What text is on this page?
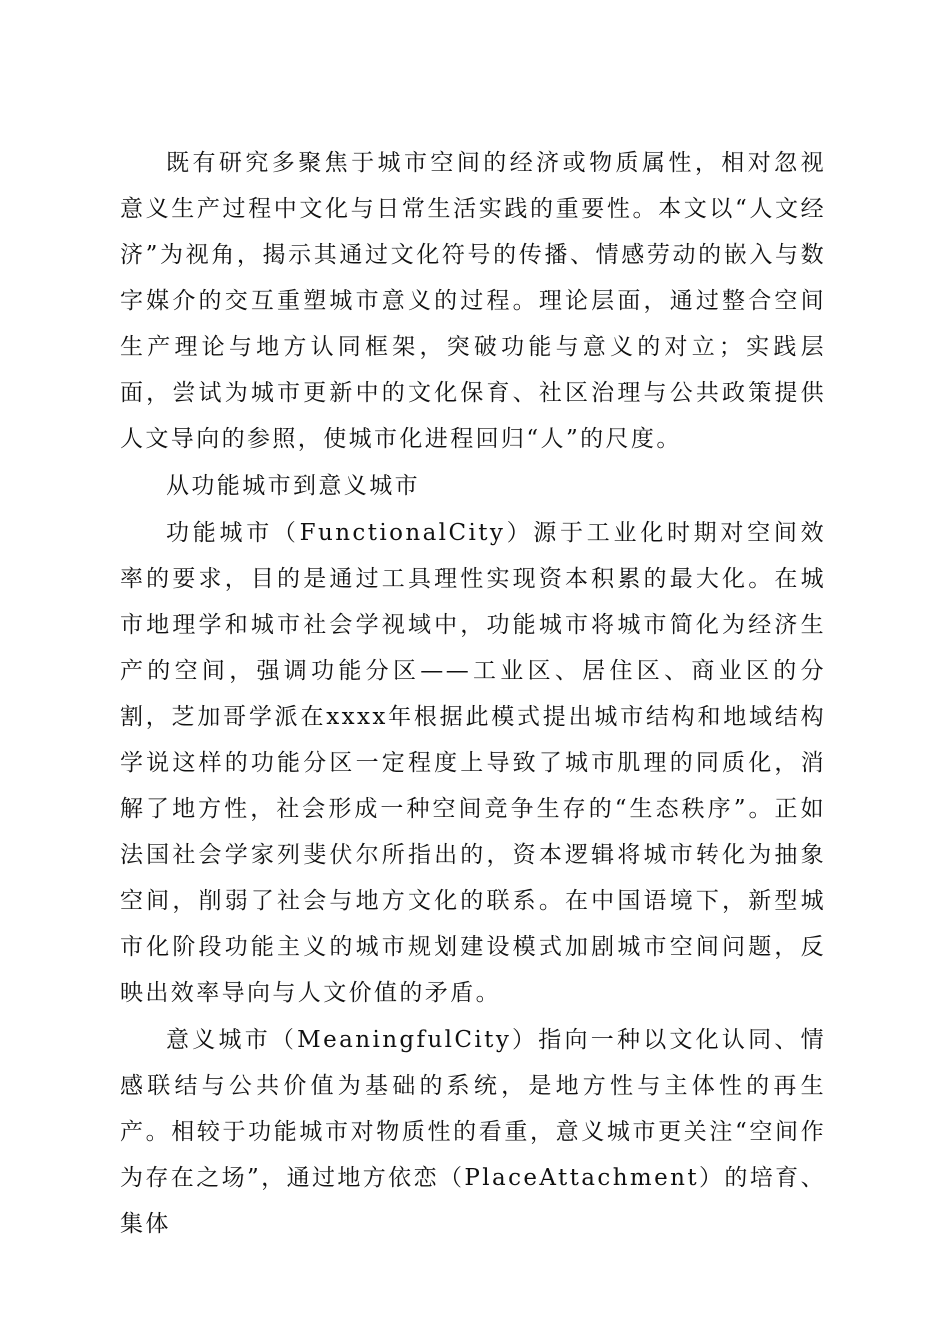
既有研究多聚焦于城市空间的经济或物质属性，相对忽视意义生产过程中文化与日常生活实践的重要性。本文以“人文经济”为视角，揭示其通过文化符号的传播、情感劳动的嵌入与数字媒介的交互重塑城市意义的过程。理论层面，通过整合空间生产理论与地方认同框架，突破功能与意义的对立；实践层面，尝试为城市更新中的文化保育、社区治理与公共政策提供人文导向的参照，使城市化进程回归“人”的尺度。

从功能城市到意义城市

功能城市（FunctionalCity）源于工业化时期对空间效率的要求，目的是通过工具理性实现资本积累的最大化。在城市地理学和城市社会学视域中，功能城市将城市简化为经济生产的空间，强调功能分区——工业区、居住区、商业区的分割，芝加哥学派在xxxx年根据此模式提出城市结构和地域结构学说这样的功能分区一定程度上导致了城市肌理的同质化，消解了地方性，社会形成一种空间竞争生存的“生态秩序”。正如法国社会学家列斐伏尔所指出的，资本逻辑将城市转化为抽象空间，削弱了社会与地方文化的联系。在中国语境下，新型城市化阶段功能主义的城市规划建设模式加剧城市空间问题，反映出效率导向与人文价值的矛盾。

意义城市（MeaningfulCity）指向一种以文化认同、情感联结与公共价值为基础的系统，是地方性与主体性的再生产。相较于功能城市对物质性的看重，意义城市更关注“空间作为存在之场”，通过地方依恋（PlaceAttachment）的培育、集体
